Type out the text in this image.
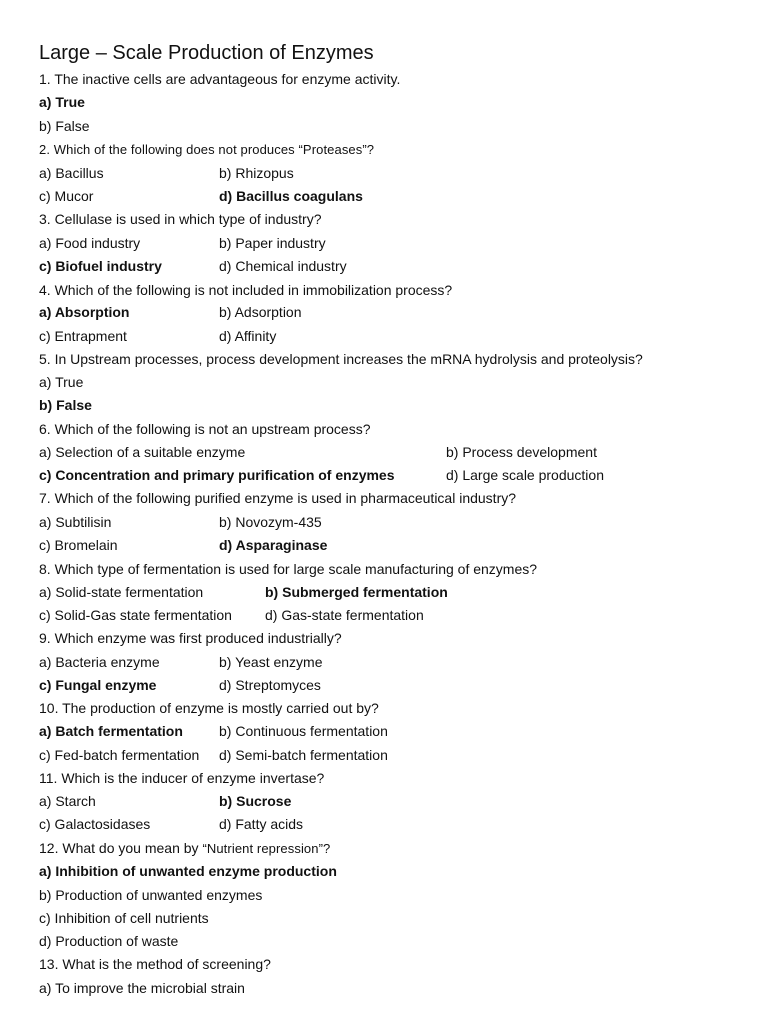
Large – Scale Production of Enzymes
1. The inactive cells are advantageous for enzyme activity.
a) True
b) False
2. Which of the following does not produces “Proteases”?
a) Bacillus	b) Rhizopus
c) Mucor	d) Bacillus coagulans
3. Cellulase is used in which type of industry?
a) Food industry	b) Paper industry
c) Biofuel industry	d) Chemical industry
4. Which of the following is not included in immobilization process?
a) Absorption	b) Adsorption
c) Entrapment	d) Affinity
5. In Upstream processes, process development increases the mRNA hydrolysis and proteolysis?
a) True
b) False
6. Which of the following is not an upstream process?
a) Selection of a suitable enzyme	b) Process development
c) Concentration and primary purification of enzymes	d) Large scale production
7. Which of the following purified enzyme is used in pharmaceutical industry?
a) Subtilisin	b) Novozym-435
c) Bromelain	d) Asparaginase
8. Which type of fermentation is used for large scale manufacturing of enzymes?
a) Solid-state fermentation	b) Submerged fermentation
c) Solid-Gas state fermentation d) Gas-state fermentation
9. Which enzyme was first produced industrially?
a) Bacteria enzyme	b) Yeast enzyme
c) Fungal enzyme	d) Streptomyces
10. The production of enzyme is mostly carried out by?
a) Batch fermentation	b) Continuous fermentation
c) Fed-batch fermentation d) Semi-batch fermentation
11. Which is the inducer of enzyme invertase?
a) Starch	b) Sucrose
c) Galactosidases	d) Fatty acids
12. What do you mean by “Nutrient repression”?
a) Inhibition of unwanted enzyme production
b) Production of unwanted enzymes
c) Inhibition of cell nutrients
d) Production of waste
13. What is the method of screening?
a) To improve the microbial strain
